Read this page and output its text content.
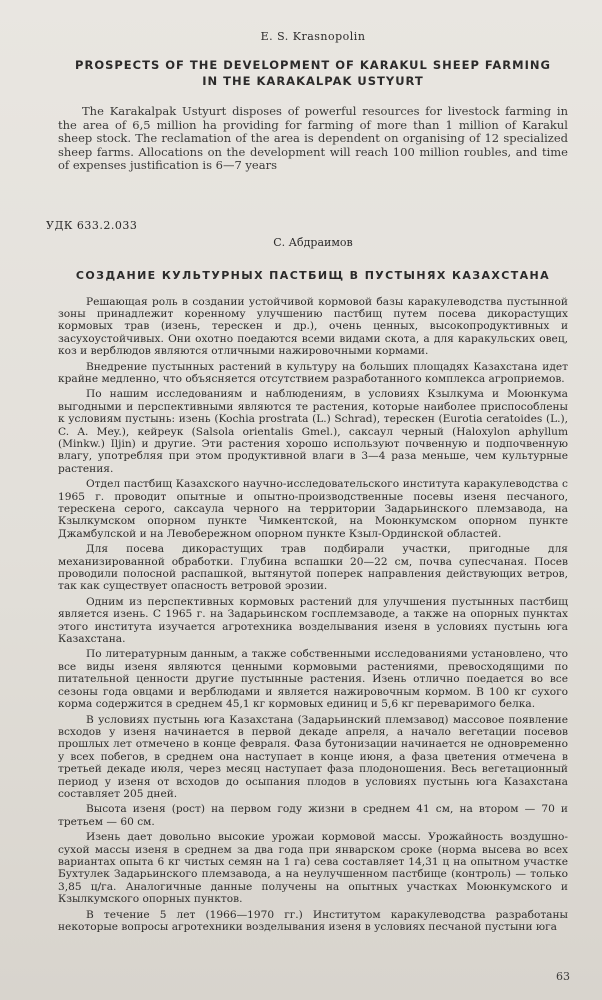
E. S. Krasnopolin
PROSPECTS OF THE DEVELOPMENT OF KARAKUL SHEEP FARMING
IN THE KARAKALPAK USTYURT
The Karakalpak Ustyurt disposes of powerful resources for livestock farming in the area of 6,5 million ha providing for farming of more than 1 million of Karakul sheep stock. The reclamation of the area is dependent on organising of 12 specialized sheep farms. Allocations on the development will reach 100 million roubles, and time of expenses justification is 6—7 years
УДК 633.2.033
С. Абдраимов
СОЗДАНИЕ КУЛЬТУРНЫХ ПАСТБИЩ В ПУСТЫНЯХ КАЗАХСТАНА

Решающая роль в создании устойчивой кормовой базы каракулеводства пустынной зоны принадлежит коренному улучшению пастбищ путем посева дикорастущих кормовых трав (изень, терескен и др.), очень ценных, высокопродуктивных и засухоустойчивых. Они охотно поедаются всеми видами скота, а для каракульских овец, коз и верблюдов являются отличными нажировочными кормами.

Внедрение пустынных растений в культуру на больших площадях Казахстана идет крайне медленно, что объясняется отсутствием разработанного комплекса агроприемов.

По нашим исследованиям и наблюдениям, в условиях Кзылкума и Моюнкума выгодными и перспективными являются те растения, которые наиболее приспособлены к условиям пустынь: изень (Kochia prostrata (L.) Schrad), терескен (Eurotia ceratoides (L.), C. A. Mey.), кейреук (Salsola orientalis Gmel.), саксаул черный (Haloxylon aphyllum (Minkw.) Iljin) и другие. Эти растения хорошо используют почвенную и подпочвенную влагу, употребляя при этом продуктивной влаги в 3—4 раза меньше, чем культурные растения.

Отдел пастбищ Казахского научно-исследовательского института каракулеводства с 1965 г. проводит опытные и опытно-производственные посевы изеня песчаного, терескена серого, саксаула черного на территории Задарьинского племзавода, на Кзылкумском опорном пункте Чимкентской, на Моюнкумском опорном пункте Джамбулской и на Левобережном опорном пункте Кзыл-Ординской областей.

Для посева дикорастущих трав подбирали участки, пригодные для механизированной обработки. Глубина вспашки 20—22 см, почва супесчаная. Посев проводили полосной распашкой, вытянутой поперек направления действующих ветров, так как существует опасность ветровой эрозии.

Одним из перспективных кормовых растений для улучшения пустынных пастбищ является изень. С 1965 г. на Задарьинском госплемзаводе, а также на опорных пунктах этого института изучается агротехника возделывания изеня в условиях пустынь юга Казахстана.

По литературным данным, а также собственными исследованиями установлено, что все виды изеня являются ценными кормовыми растениями, превосходящими по питательной ценности другие пустынные растения. Изень отлично поедается во все сезоны года овцами и верблюдами и является нажировочным кормом. В 100 кг сухого корма содержится в среднем 45,1 кг кормовых единиц и 5,6 кг переваримого белка.

В условиях пустынь юга Казахстана (Задарьинский племзавод) массовое появление всходов у изеня начинается в первой декаде апреля, а начало вегетации посевов прошлых лет отмечено в конце февраля. Фаза бутонизации начинается не одновременно у всех побегов, в среднем она наступает в конце июня, а фаза цветения отмечена в третьей декаде июля, через месяц наступает фаза плодоношения. Весь вегетационный период у изеня от всходов до осыпания плодов в условиях пустынь юга Казахстана составляет 205 дней.

Высота изеня (рост) на первом году жизни в среднем 41 см, на втором — 70 и третьем — 60 см.

Изень дает довольно высокие урожаи кормовой массы. Урожайность воздушно-сухой массы изеня в среднем за два года при январском сроке (норма высева во всех вариантах опыта 6 кг чистых семян на 1 га) сева составляет 14,31 ц на опытном участке Бухтулек Задарьинского племзавода, а на неулучшенном пастбище (контроль) — только 3,85 ц/га. Аналогичные данные получены на опытных участках Моюнкумского и Кзылкумского опорных пунктов.

В течение 5 лет (1966—1970 гг.) Институтом каракулеводства разработаны некоторые вопросы агротехники возделывания изеня в условиях песчаной пустыни юга

63
